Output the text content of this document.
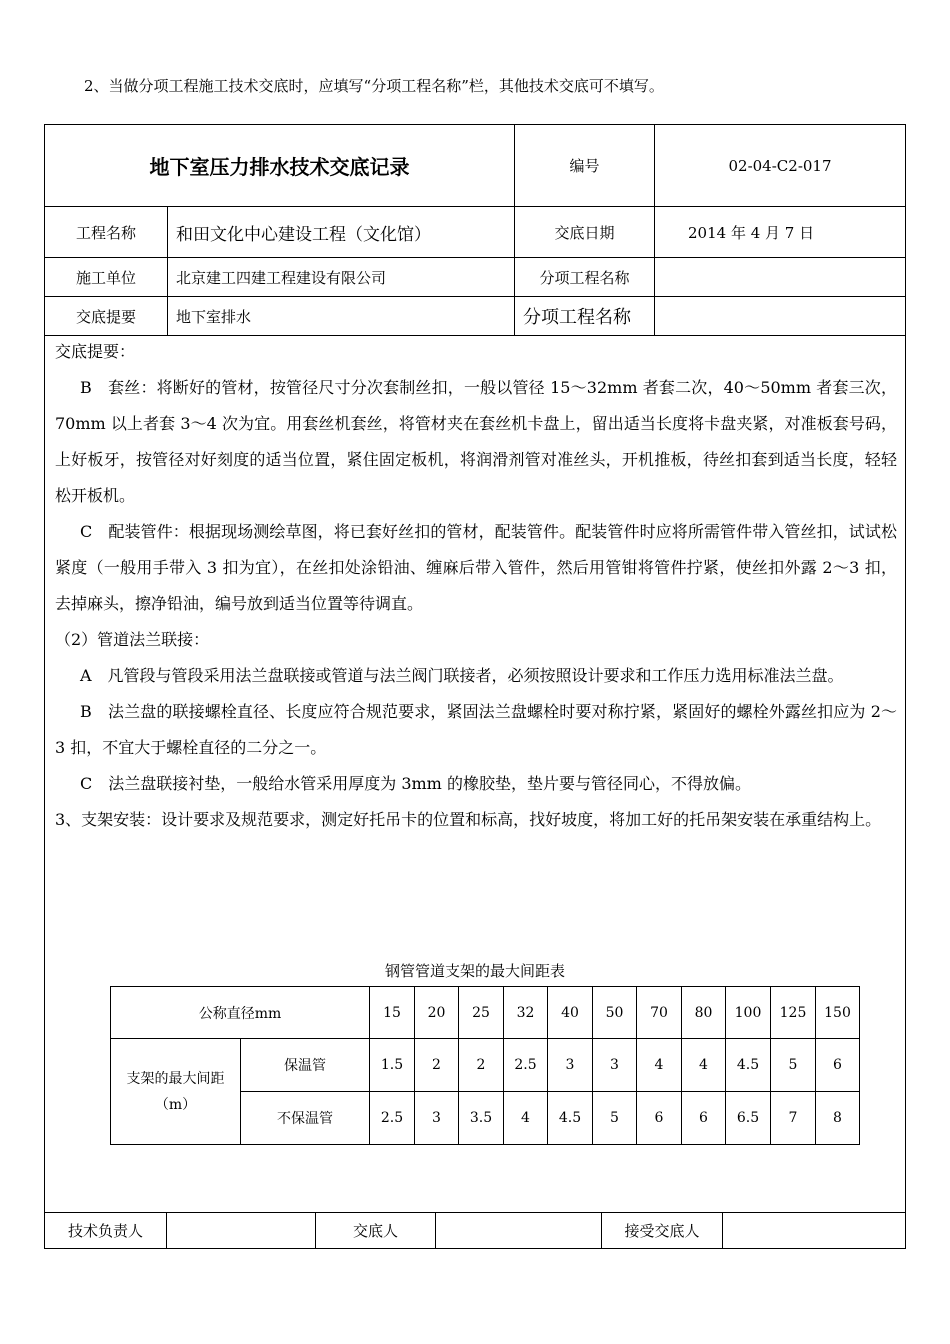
2、当做分项工程施工技术交底时，应填写“分项工程名称”栏，其他技术交底可不填写。
地下室压力排水技术交底记录	编号	02-04-C2-017
工程名称	和田文化中心建设工程（文化馆）	交底日期	2014 年 4 月 7 日
施工单位	北京建工四建工程建设有限公司	分项工程名称
交底提要	地下室排水	分项工程名称
技术负责人	交底人	接受交底人

交底提要：

B　套丝：将断好的管材，按管径尺寸分次套制丝扣，一般以管径 15～32mm 者套二次，40～50mm 者套三次，70mm 以上者套 3～4 次为宜。用套丝机套丝，将管材夹在套丝机卡盘上，留出适当长度将卡盘夹紧，对准板套号码，上好板牙，按管径对好刻度的适当位置，紧住固定板机，将润滑剂管对准丝头，开机推板，待丝扣套到适当长度，轻轻松开板机。

C　配装管件：根据现场测绘草图，将已套好丝扣的管材，配装管件。配装管件时应将所需管件带入管丝扣，试试松紧度（一般用手带入 3 扣为宜），在丝扣处涂铅油、缠麻后带入管件，然后用管钳将管件拧紧，使丝扣外露 2～3 扣，去掉麻头，擦净铅油，编号放到适当位置等待调直。

（2）管道法兰联接：

A　凡管段与管段采用法兰盘联接或管道与法兰阀门联接者，必须按照设计要求和工作压力选用标准法兰盘。

B　法兰盘的联接螺栓直径、长度应符合规范要求，紧固法兰盘螺栓时要对称拧紧，紧固好的螺栓外露丝扣应为 2～3 扣，不宜大于螺栓直径的二分之一。

C　法兰盘联接衬垫，一般给水管采用厚度为 3mm 的橡胶垫，垫片要与管径同心，不得放偏。

3、支架安装：设计要求及规范要求，测定好托吊卡的位置和标高，找好坡度，将加工好的托吊架安装在承重结构上。

钢管管道支架的最大间距表
公称直径mm		15	20	25	32	40	50	70	80	100	125	150
支架的最大间距（m）	保温管	1.5	2	2	2.5	3	3	4	4	4.5	5	6
	不保温管	2.5	3	3.5	4	4.5	5	6	6	6.5	7	8
